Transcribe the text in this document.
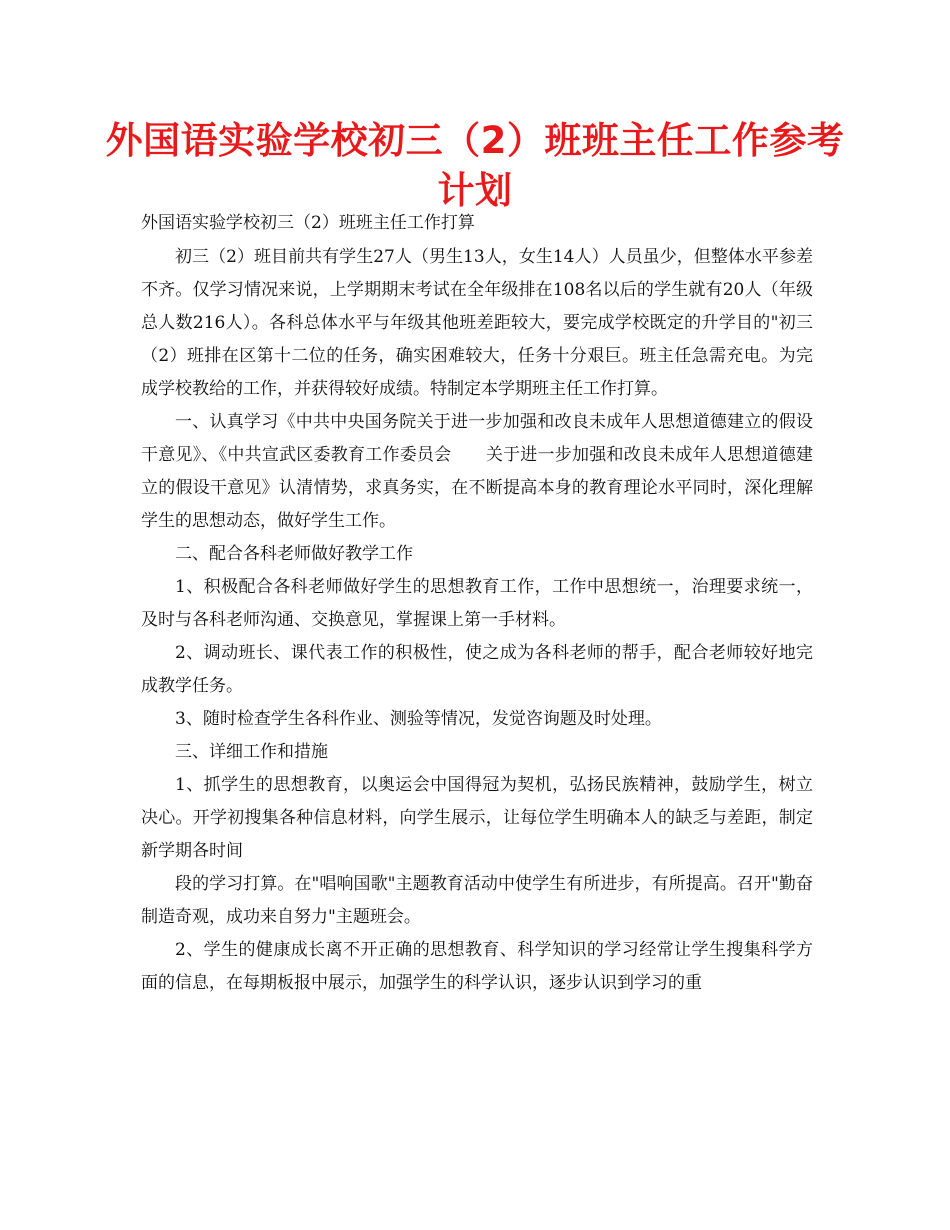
外国语实验学校初三（2）班班主任工作参考计划

外国语实验学校初三（2）班班主任工作打算

初三（2）班目前共有学生27人（男生13人，女生14人）人员虽少，但整体水平参差不齐。仅学习情况来说，上学期期末考试在全年级排在108名以后的学生就有20人（年级总人数216人）。各科总体水平与年级其他班差距较大，要完成学校既定的升学目的"初三（2）班排在区第十二位的任务，确实困难较大，任务十分艰巨。班主任急需充电。为完成学校教给的工作，并获得较好成绩。特制定本学期班主任工作打算。

一、认真学习《中共中央国务院关于进一步加强和改良未成年人思想道德建立的假设干意见》、《中共宣武区委教育工作委员会　　关于进一步加强和改良未成年人思想道德建立的假设干意见》认清情势，求真务实，在不断提高本身的教育理论水平同时，深化理解学生的思想动态，做好学生工作。

二、配合各科老师做好教学工作

1、积极配合各科老师做好学生的思想教育工作，工作中思想统一，治理要求统一，及时与各科老师沟通、交换意见，掌握课上第一手材料。

2、调动班长、课代表工作的积极性，使之成为各科老师的帮手，配合老师较好地完成教学任务。

3、随时检查学生各科作业、测验等情况，发觉咨询题及时处理。

三、详细工作和措施

1、抓学生的思想教育，以奥运会中国得冠为契机，弘扬民族精神，鼓励学生，树立决心。开学初搜集各种信息材料，向学生展示，让每位学生明确本人的缺乏与差距，制定新学期各时间

段的学习打算。在"唱响国歌"主题教育活动中使学生有所进步，有所提高。召开"勤奋制造奇观，成功来自努力"主题班会。

2、学生的健康成长离不开正确的思想教育、科学知识的学习经常让学生搜集科学方面的信息，在每期板报中展示，加强学生的科学认识，逐步认识到学习的重
